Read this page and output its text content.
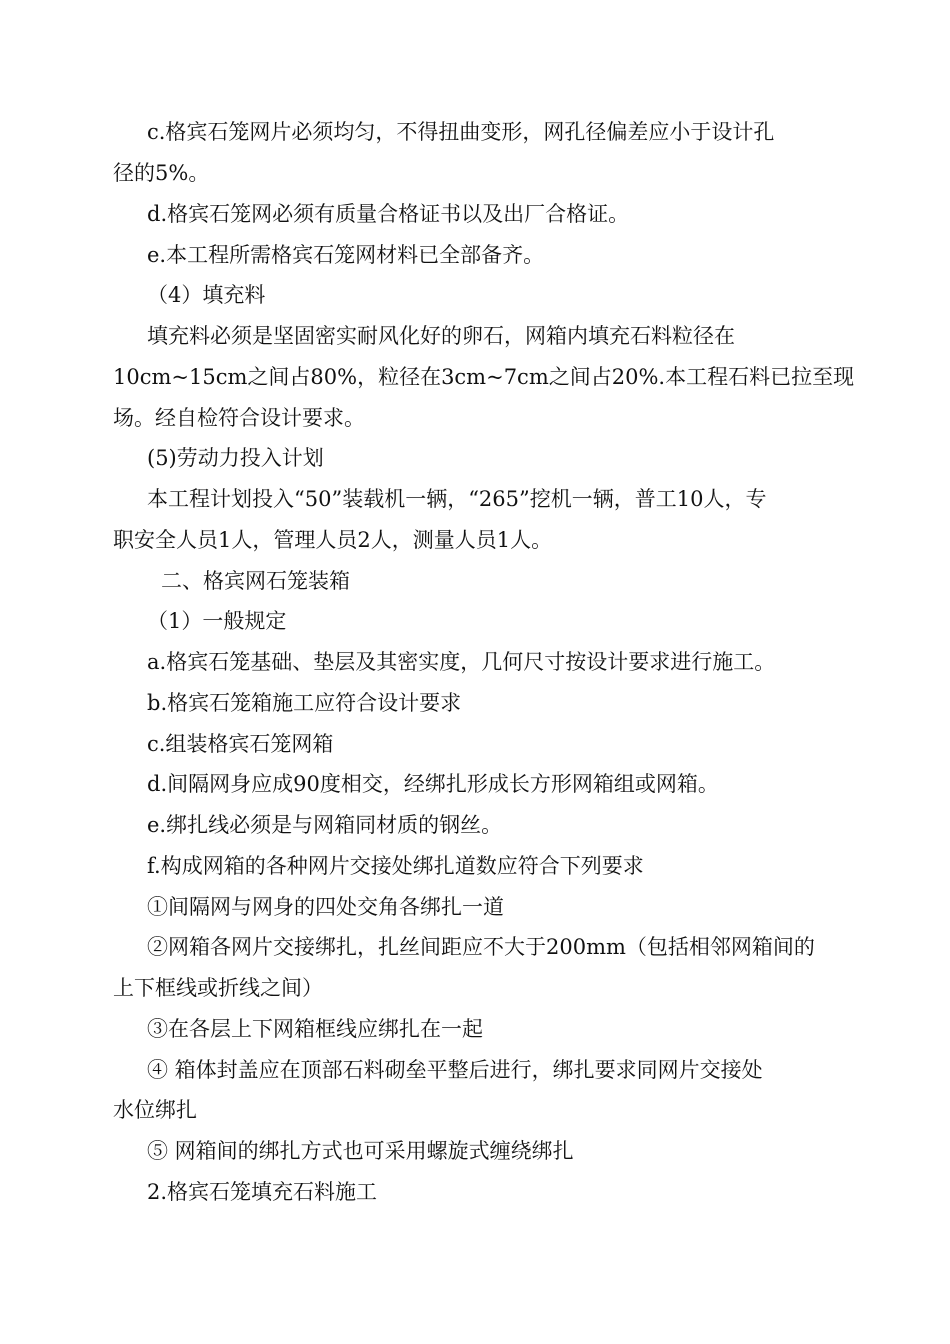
c.格宾石笼网片必须均匀，不得扭曲变形，网孔径偏差应小于设计孔

径的5%。

d.格宾石笼网必须有质量合格证书以及出厂合格证。

e.本工程所需格宾石笼网材料已全部备齐。

（4）填充料

填充料必须是坚固密实耐风化好的卵石，网箱内填充石料粒径在

10cm~15cm之间占80%，粒径在3cm~7cm之间占20%.本工程石料已拉至现

场。经自检符合设计要求。

(5)劳动力投入计划

本工程计划投入“50”装载机一辆，“265”挖机一辆，普工10人，专

职安全人员1人，管理人员2人，测量人员1人。

二、格宾网石笼装箱

（1）一般规定

a.格宾石笼基础、垫层及其密实度，几何尺寸按设计要求进行施工。

b.格宾石笼箱施工应符合设计要求

c.组装格宾石笼网箱

d.间隔网身应成90度相交，经绑扎形成长方形网箱组或网箱。

e.绑扎线必须是与网箱同材质的钢丝。

f.构成网箱的各种网片交接处绑扎道数应符合下列要求

①间隔网与网身的四处交角各绑扎一道

②网箱各网片交接绑扎，扎丝间距应不大于200mm（包括相邻网箱间的

上下框线或折线之间）

③在各层上下网箱框线应绑扎在一起

④ 箱体封盖应在顶部石料砌垒平整后进行，绑扎要求同网片交接处

水位绑扎

⑤ 网箱间的绑扎方式也可采用螺旋式缠绕绑扎

2.格宾石笼填充石料施工
